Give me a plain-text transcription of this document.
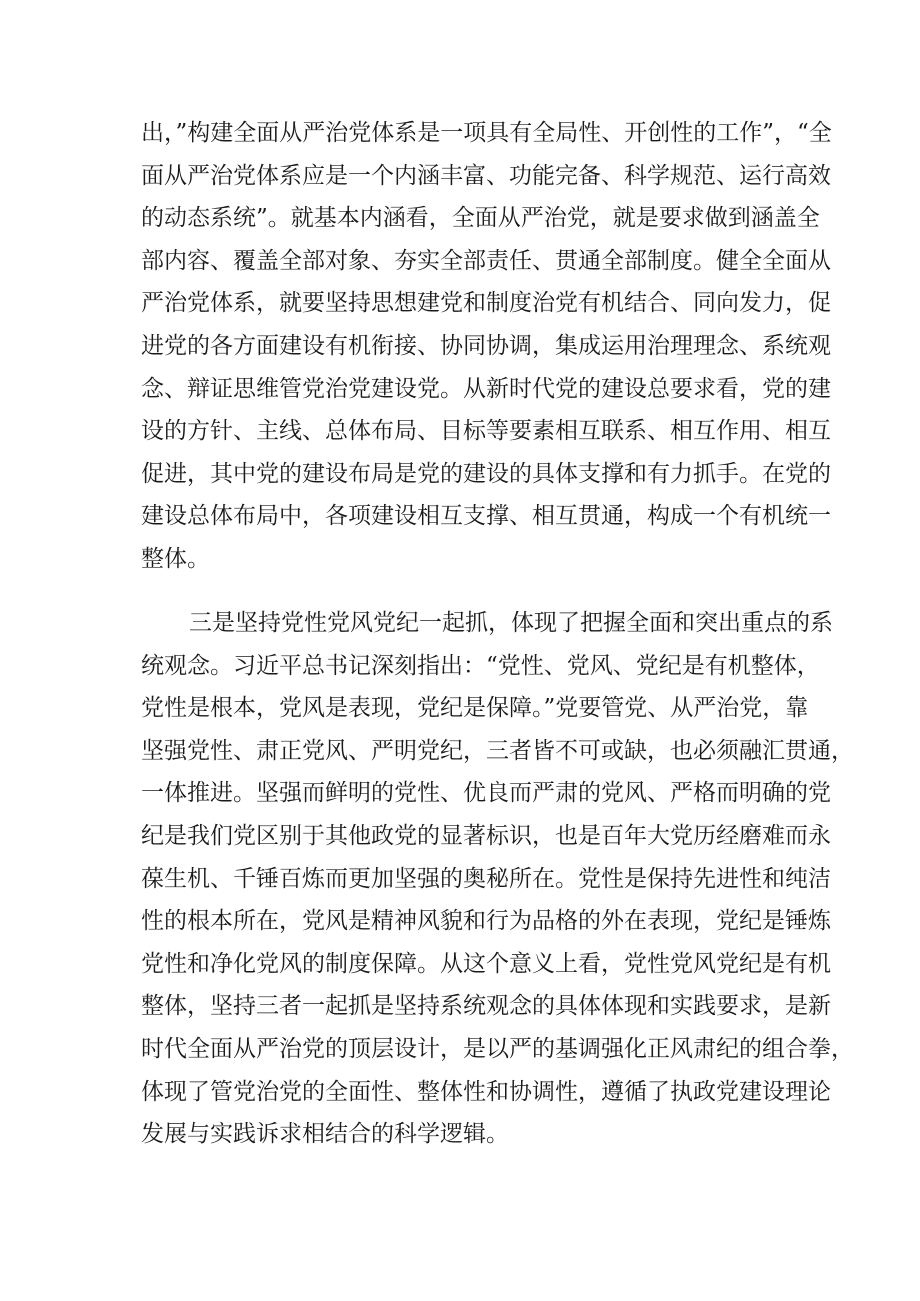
出，”构建全面从严治党体系是一项具有全局性、开创性的工作”，“全
面从严治党体系应是一个内涵丰富、功能完备、科学规范、运行高效
的动态系统”。就基本内涵看，全面从严治党，就是要求做到涵盖全
部内容、覆盖全部对象、夯实全部责任、贯通全部制度。健全全面从
严治党体系，就要坚持思想建党和制度治党有机结合、同向发力，促
进党的各方面建设有机衔接、协同协调，集成运用治理理念、系统观
念、辩证思维管党治党建设党。从新时代党的建设总要求看，党的建
设的方针、主线、总体布局、目标等要素相互联系、相互作用、相互
促进，其中党的建设布局是党的建设的具体支撑和有力抓手。在党的
建设总体布局中，各项建设相互支撑、相互贯通，构成一个有机统一
整体。
三是坚持党性党风党纪一起抓，体现了把握全面和突出重点的系
统观念。习近平总书记深刻指出：“党性、党风、党纪是有机整体，
党性是根本，党风是表现，党纪是保障。”党要管党、从严治党，靠
坚强党性、肃正党风、严明党纪，三者皆不可或缺，也必须融汇贯通，
一体推进。坚强而鲜明的党性、优良而严肃的党风、严格而明确的党
纪是我们党区别于其他政党的显著标识，也是百年大党历经磨难而永
葆生机、千锤百炼而更加坚强的奥秘所在。党性是保持先进性和纯洁
性的根本所在，党风是精神风貌和行为品格的外在表现，党纪是锤炼
党性和净化党风的制度保障。从这个意义上看，党性党风党纪是有机
整体，坚持三者一起抓是坚持系统观念的具体体现和实践要求，是新
时代全面从严治党的顶层设计，是以严的基调强化正风肃纪的组合拳，
体现了管党治党的全面性、整体性和协调性，遵循了执政党建设理论
发展与实践诉求相结合的科学逻辑。
